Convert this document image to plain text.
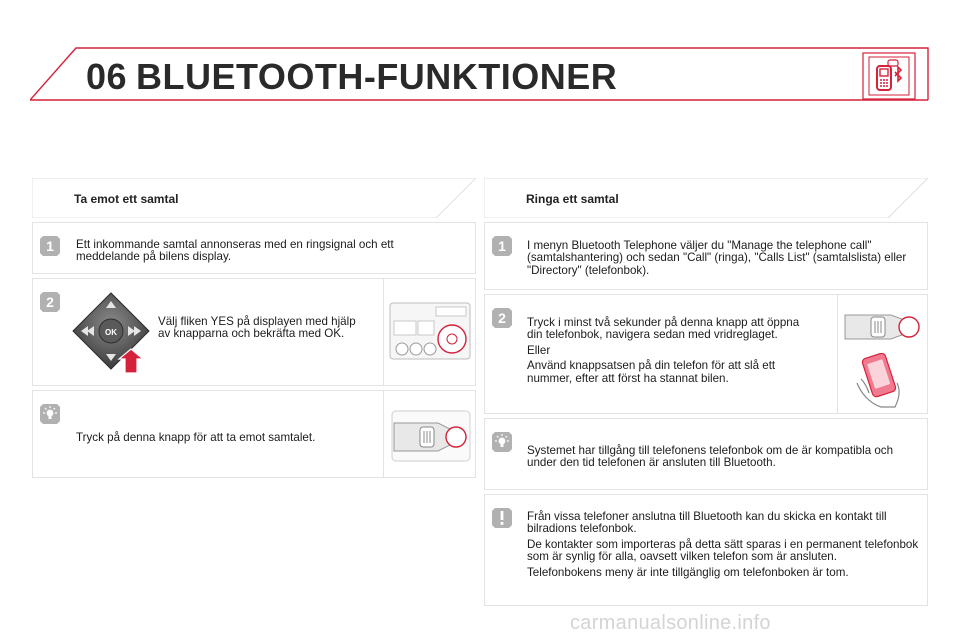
06 BLUETOOTH-FUNKTIONER
Ta emot ett samtal
1 Ett inkommande samtal annonseras med en ringsignal och ett meddelande på bilens display.
2
OK
Välj fliken YES på displayen med hjälp av knapparna och bekräfta med OK.
Tryck på denna knapp för att ta emot samtalet.
Ringa ett samtal
1 I menyn Bluetooth Telephone väljer du "Manage the telephone call" (samtalshantering) och sedan "Call" (ringa), "Calls List" (samtalslista) eller "Directory" (telefonbok).
2 Tryck i minst två sekunder på denna knapp att öppna din telefonbok, navigera sedan med vridreglaget.

Eller

Använd knappsatsen på din telefon för att slå ett nummer, efter att först ha stannat bilen.

Systemet har tillgång till telefonens telefonbok om de är kompatibla och under den tid telefonen är ansluten till Bluetooth.

Från vissa telefoner anslutna till Bluetooth kan du skicka en kontakt till bilradions telefonbok.

De kontakter som importeras på detta sätt sparas i en permanent telefonbok som är synlig för alla, oavsett vilken telefon som är ansluten.

Telefonbokens meny är inte tillgänglig om telefonboken är tom.

carmanualsonline.info
